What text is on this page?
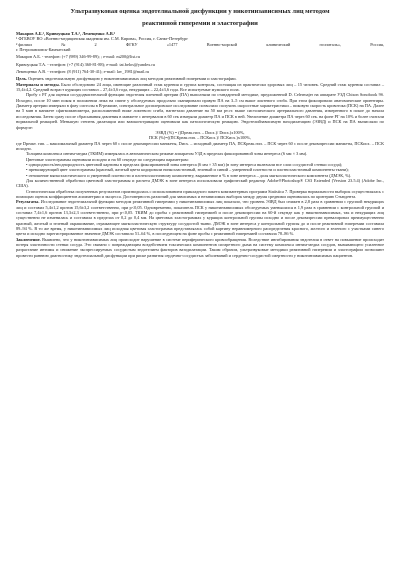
Ультразвуковая оценка эндотелиальной дисфункции у никотинзависимых лиц методом
реактивной гиперемии и эластографии

Макаров А.Б.¹, Кривоуцкая Т.А.², Лемещенко А.В.³

¹ ФГБВОУ ВО «Военно-медицинская академия им. С.М. Кирова», Россия, г. Санкт-Петербург

² филиал	№	2	ФГКУ	«1477	Военно-морской	клинический	госпиталь»,	Россия,

г. Петропавловск-Камчатский

Макаров А.Б. - телефон: (+7 (989) 346-99-89); ; e-mail: m200@list.ru

Кривоуцкая Т.А. - телефон: (+7 (914) 360-81-88); e-mail: tat.belos@yandex.ru

Лемещенко А.В. - телефон: (8 (911) 764-30-41); e-mail: lav_1981@mail.ru

Цель. Оценить эндотелиальную дисфункцию у никотинзависимых лиц методом реактивной гиперемии и эластографии.

Материалы и методы. Было обследовано 24 лица, имеющие различный стаж курения и группа контроля, состоящая из практически здоровых лиц – 15 человек. Средний стаж курения составил – 15,4±4,2. Средний возраст курящих составил – 27,4±3,6 года, некурящих – 22,4±3,6 года. Все испытуемые мужского пола.

Пробу с РГ для оценки сосудодвигательной функции эндотелия плечевой артерии (ПА) выполняли по стандартной методике, предложенной D. Celermajer на аппарате УЗД Chison Sonobook 9б. Исходно, после 10 мин покоя в положении лежа на спине у обследуемых продольно сканировали правую ПА на 3–5 см выше локтевого сгиба. При этом фиксировали анатомические ориентиры. Диаметр артерии измеряли в фазу систолы в В-режиме, спектральное допплеровское исследование позволило получить скоростные характеристики – пиковую скорость кровотока (ПСК) на ПА. Далее на 5 мин в манжете сфигмоманометра, расположенной ниже локтевого сгиба, нагнетали давление на 50 мм рт.ст. выше систолического артериального давления, измеренного в покое до начала исследования. Затем сразу после сбрасывания давления в манжете с интервалом в 60 сек измеряли диаметр ПА и ПСК в ней. Увеличение диаметра ПА через 60 сек. на фоне РГ на 10% и более считали нормальной реакцией. Меньшую степень дилатации или вазоконстрикцию оценивали как патологическую реакцию. Эндотелийзависимую вазодилатацию (ЭЗВД) и ПСК на ПА вычисляли по формуле:

ЭЗВД (%) = ((Dреак.гип. – Dисх.)/ Dисх.)х100%,

ПСК (%)=((ПСКреак.гип. – ПСКисх.)/ ПСКисх.)х100%,

где Dреакт. гип. – максимальный диаметр ПА через 60 с после декомпрессии манжеты, Dисх. – исходный диаметр ПА, ПСКреак.гип. – ПСК через 60 с после декомпрессии манжеты, ПСКисх. – ПСК исходно.

Толщина комплекса интим-медиа (ТКИМ) измерялась в автоматическом режиме аппаратом УЗД в пределах фиксированной зоны интереса (6 мм × 3 мм).

Цветовые эластограммы оценивали исходно и на 60 секунде по следующим параметрам:

• однородность/неоднородность цветовой картины в пределах фиксированной зоны интереса (6 мм × 35 мм) (в зону интереса включали все слои сосудистой стенки сосуда);

• превалирующий цвет эластограммы (красный, желтый цвета кодировали низкоэластичный, зеленый и синий – умеренной плотности и плотноэластичный компоненты ткани);

• отношение мягкоэластического и умеренной плотности и плотноэластичному компоненту, выраженное в % в зоне интереса – доля мягкоэластического компонента (ДМЭК, %).

Для количественной обработки цветовой эластограммы и расчета ДМЭК в зоне интереса использовали графический редактор Adobe®Photoshop® CS3 Extended (Version 23.5.4) (Adobe Inc., США).

Статистическая обработка полученных результатов производилась с использованием прикладного пакета компьютерных программ Statistica 7. Проверка нормальности выборок осуществлялась с помощью оценок коэффициентов асимметрии и эксцесса. Достоверность различий для зависимых и независимых выборок между двумя средними оценивалась по критерию Стьюдента.

Результаты. Исследование эндотелиальной функции методом реактивной гиперемии у никотинзависимых лиц показало, что уровень ЭЗВД был снижен в 2,8 раза в сравнении с группой некурящих лиц и составил 5,4±1,2 против 15,6±3,2 соответственно, при p<0,05. Одновременно, показатель ПСК у никотинзависимых обследуемых уменьшился в 1,9 раза в сравнении с контрольной группой и составил 7,4±1,6 против 13,3±2,3 соответственно, при p<0,05. ТКИМ до пробы с реактивной гиперемией и после декомпрессии на 60-й секунде как у никотинзависимых, так и некурящих лиц существенно не изменилась и составила в пределах от 0,2 до 0,4 мм. На цветовых эластограммах у курящих контрольной группы исходно и после декомпрессии превалировал преимущественно красный, желтый и зеленый окрашивание, отражающее мягкоэластическую структуру сосудистой ткани. ДМЭК в зоне интереса у контрольной группы до и после реактивной гиперемии составила 89–94 %. В то же время, у никотинзависимых лиц исходная цветовая эластограмма представлялась собой картину неравномерного распределения красного, желтого и зеленого с участками синего цвета и исходно зарегистрированное значение ДМЭК составило 51–64 %, в последующем на фоне пробы с реактивной гиперемией составила 78–86 %.

Заключение. Выявлено, что у никотинзависимых лиц происходит нарушение в системе периферического кровообращения. Вследствие ингибирования эндотелия в ответ на повышение происходит потеря эластичности стенки сосуда. Это связано с повреждающим воздействием токсических компонентов сигаретного дыма на систему комплекса интим-медиа сосудов, вызывающего усиленное разрастание интимы и снижение экспрессируемых сосудистым эндотелием факторов вазодилатации. Таким образом, ультразвуковые методики реактивной гиперемии и эластографии позволяют провести раннюю диагностику эндотелиальной дисфункции при риске развития сердечно-сосудистых заболеваний и сердечно-сосудистой смертности у никотинзависимых пациентов.
